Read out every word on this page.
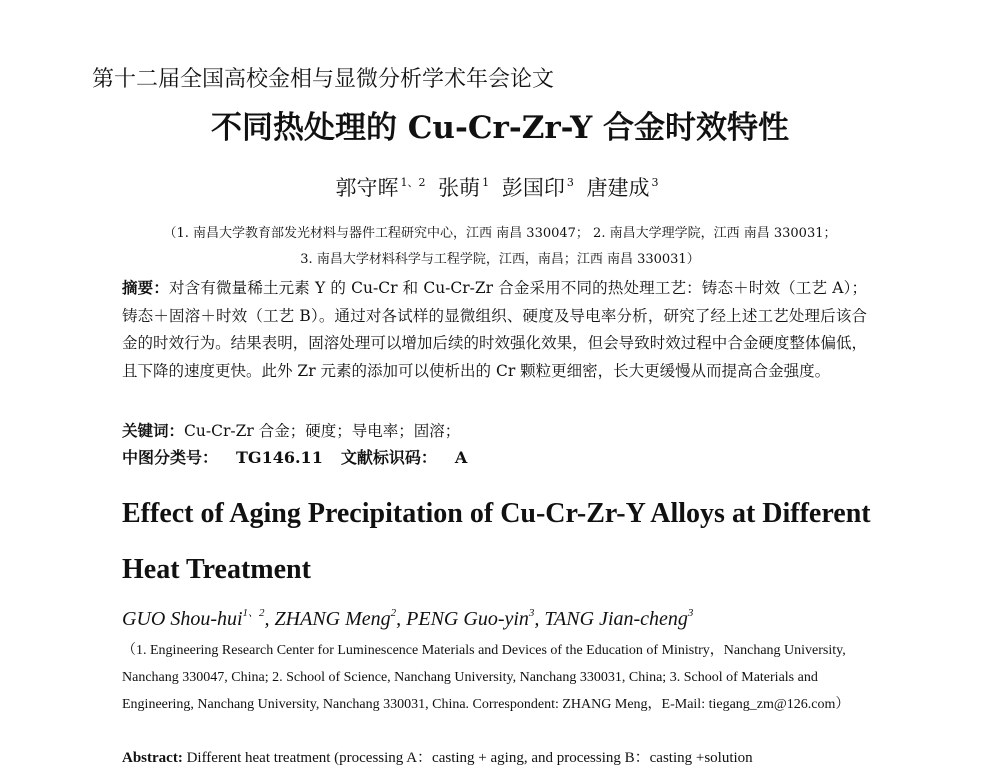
第十二届全国高校金相与显微分析学术年会论文
不同热处理的 Cu-Cr-Zr-Y 合金时效特性
郭守晖 $^{1、2}$ 张萌 $^1$ 彭国印 $^3$ 唐建成 $^3$
（1. 南昌大学教育部发光材料与器件工程研究中心，江西 南昌 330047； 2. 南昌大学理学院，江西 南昌 330031；
3. 南昌大学材料科学与工程学院，江西，南昌；江西 南昌 330031）
摘要：对含有微量稀土元素 Y 的 Cu-Cr 和 Cu-Cr-Zr 合金采用不同的热处理工艺：铸态＋时效（工艺 A）；铸态＋固溶＋时效（工艺 B）。通过对各试样的显微组织、硬度及导电率分析，研究了经上述工艺处理后该合金的时效行为。结果表明，固溶处理可以增加后续的时效强化效果，但会导致时效过程中合金硬度整体偏低，且下降的速度更快。此外 Zr 元素的添加可以使析出的 Cr 颗粒更细密，长大更缓慢从而提高合金强度。
关键词：Cu-Cr-Zr 合金；硬度；导电率；固溶；
中图分类号： TG146.11 文献标识码： A
Effect of Aging Precipitation of Cu-Cr-Zr-Y Alloys at Different Heat Treatment
GUO Shou-hui$^{1、2}$, ZHANG Meng$^2$, PENG Guo-yin$^3$, TANG Jian-cheng$^3$
（1. Engineering Research Center for Luminescence Materials and Devices of the Education of Ministry，Nanchang University, Nanchang 330047, China; 2. School of Science, Nanchang University, Nanchang 330031, China; 3. School of Materials and Engineering, Nanchang University, Nanchang 330031, China. Correspondent: ZHANG Meng，E-Mail: tiegang_zm@126.com）
Abstract: Different heat treatment (processing A：casting + aging, and processing B：casting +solution
